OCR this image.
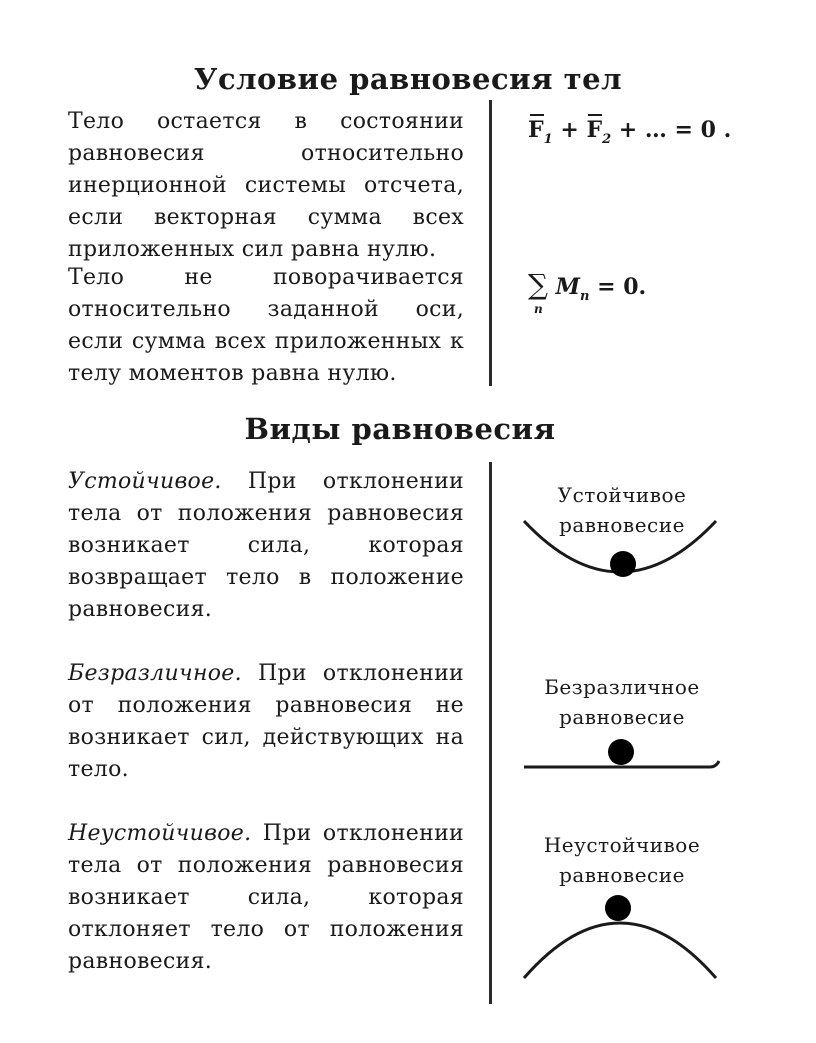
Условие равновесия тел
Тело остается в состоянии равновесия относительно инерционной системы отсчета, если векторная сумма всех приложенных сил равна нулю.
Тело не поворачивается относительно заданной оси, если сумма всех приложенных к телу моментов равна нулю.
$F_1 + F_2$ + … = 0 .
∑
n
$M_n = 0$.
Виды равновесия
Устойчивое. При отклонении тела от положения равновесия возникает сила, которая возвращает тело в положение равновесия.
Безразличное. При отклонении от положения равновесия не возникает сил, действующих на тело.
Неустойчивое. При отклонении тела от положения равновесия возникает сила, которая отклоняет тело от положения равновесия.
Устойчивое
равновесие
Безразличное
равновесие
Неустойчивое
равновесие
